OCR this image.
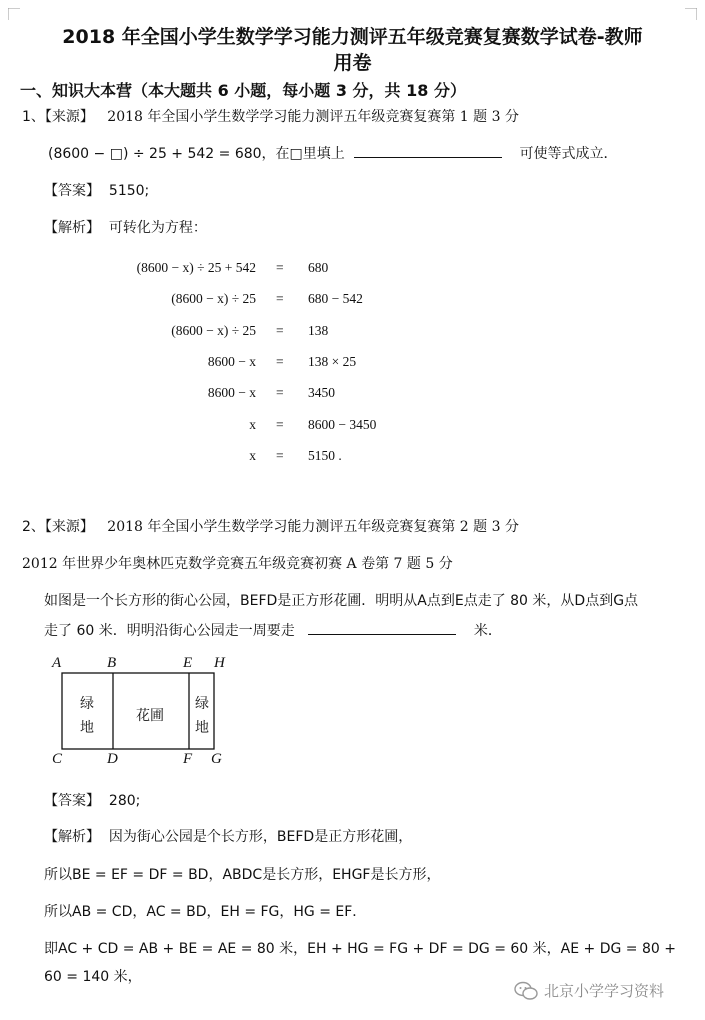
2018 年全国小学生数学学习能力测评五年级竞赛复赛数学试卷-教师
用卷
一、知识大本营（本大题共 6 小题，每小题 3 分，共 18 分）
1、【来源】 2018 年全国小学生数学学习能力测评五年级竞赛复赛第 1 题 3 分
(8600 − □) ÷ 25 + 542 = 680，在□里填上	可使等式成立．
【答案】 5150;
【解析】 可转化为方程：
(8600 − x) ÷ 25 + 542 = 680
(8600 − x) ÷ 25 = 680 − 542
(8600 − x) ÷ 25 = 138
8600 − x = 138 × 25
8600 − x = 3450
x = 8600 − 3450
x = 5150 .
2、【来源】 2018 年全国小学生数学学习能力测评五年级竞赛复赛第 2 题 3 分
2012 年世界少年奥林匹克数学竞赛五年级竞赛初赛 A 卷第 7 题 5 分
如图是一个长方形的街心公园，BEFD是正方形花圃．明明从A点到E点走了 80 米，从D点到G点
走了 60 米．明明沿街心公园走一周要走	米．
A	B	E H
C	D	F G
绿
地
花圃
绿
地
【答案】 280;
【解析】 因为街心公园是个长方形，BEFD是正方形花圃，
所以BE = EF = DF = BD，ABDC是长方形，EHGF是长方形，
所以AB = CD，AC = BD，EH = FG，HG = EF．
即AC + CD = AB + BE = AE = 80 米，EH + HG = FG + DF = DG = 60 米，AE + DG = 80 +
60 = 140 米，
北京小学学习资料
